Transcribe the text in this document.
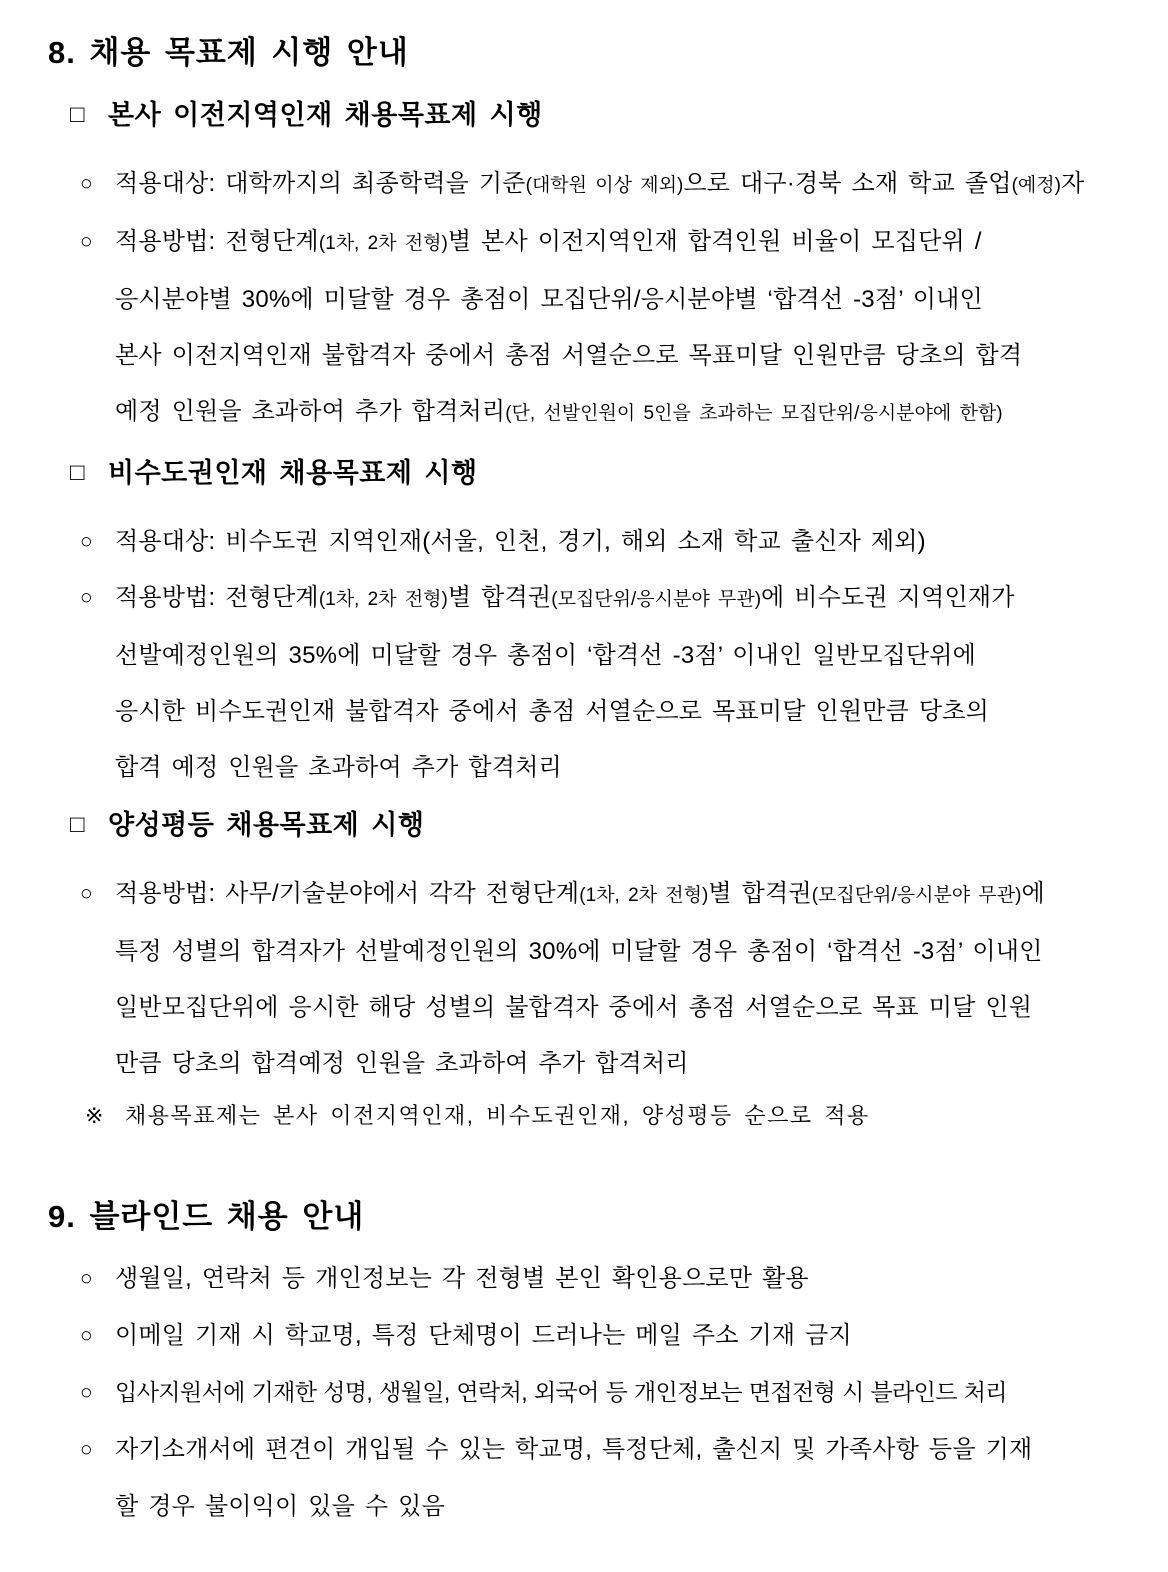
8. 채용 목표제 시행 안내
□ 본사 이전지역인재 채용목표제 시행
○ 적용대상: 대학까지의 최종학력을 기준(대학원 이상 제외)으로 대구·경북 소재 학교 졸업(예정)자
○ 적용방법: 전형단계(1차, 2차 전형)별 본사 이전지역인재 합격인원 비율이 모집단위 /
응시분야별 30%에 미달할 경우 총점이 모집단위/응시분야별 ‘합격선 -3점’ 이내인
본사 이전지역인재 불합격자 중에서 총점 서열순으로 목표미달 인원만큼 당초의 합격
예정 인원을 초과하여 추가 합격처리(단, 선발인원이 5인을 초과하는 모집단위/응시분야에 한함)
□ 비수도권인재 채용목표제 시행
○ 적용대상: 비수도권 지역인재(서울, 인천, 경기, 해외 소재 학교 출신자 제외)
○ 적용방법: 전형단계(1차, 2차 전형)별 합격권(모집단위/응시분야 무관)에 비수도권 지역인재가
선발예정인원의 35%에 미달할 경우 총점이 ‘합격선 -3점’ 이내인 일반모집단위에
응시한 비수도권인재 불합격자 중에서 총점 서열순으로 목표미달 인원만큼 당초의
합격 예정 인원을 초과하여 추가 합격처리
□ 양성평등 채용목표제 시행
○ 적용방법: 사무/기술분야에서 각각 전형단계(1차, 2차 전형)별 합격권(모집단위/응시분야 무관)에
특정 성별의 합격자가 선발예정인원의 30%에 미달할 경우 총점이 ‘합격선 -3점’ 이내인
일반모집단위에 응시한 해당 성별의 불합격자 중에서 총점 서열순으로 목표 미달 인원
만큼 당초의 합격예정 인원을 초과하여 추가 합격처리
※ 채용목표제는 본사 이전지역인재, 비수도권인재, 양성평등 순으로 적용
9. 블라인드 채용 안내
○ 생월일, 연락처 등 개인정보는 각 전형별 본인 확인용으로만 활용
○ 이메일 기재 시 학교명, 특정 단체명이 드러나는 메일 주소 기재 금지
○ 입사지원서에 기재한 성명, 생월일, 연락처, 외국어 등 개인정보는 면접전형 시 블라인드 처리
○ 자기소개서에 편견이 개입될 수 있는 학교명, 특정단체, 출신지 및 가족사항 등을 기재
할 경우 불이익이 있을 수 있음
